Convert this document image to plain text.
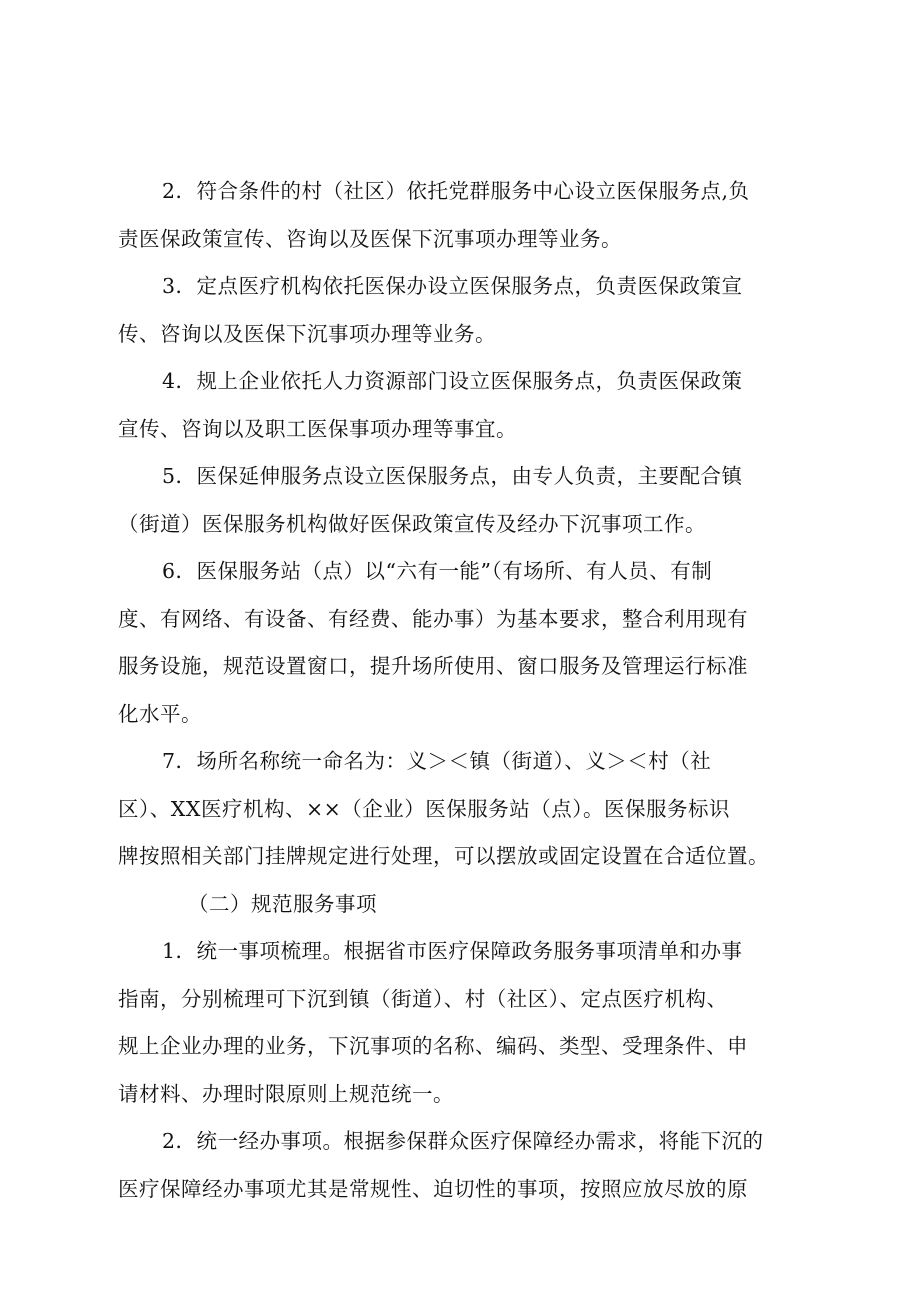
2．符合条件的村（社区）依托党群服务中心设立医保服务点,负
责医保政策宣传、咨询以及医保下沉事项办理等业务。
3．定点医疗机构依托医保办设立医保服务点，负责医保政策宣
传、咨询以及医保下沉事项办理等业务。
4．规上企业依托人力资源部门设立医保服务点，负责医保政策
宣传、咨询以及职工医保事项办理等事宜。
5．医保延伸服务点设立医保服务点，由专人负责，主要配合镇
（街道）医保服务机构做好医保政策宣传及经办下沉事项工作。
6．医保服务站（点）以“六有一能”（有场所、有人员、有制
度、有网络、有设备、有经费、能办事）为基本要求，整合利用现有
服务设施，规范设置窗口，提升场所使用、窗口服务及管理运行标准
化水平。
7．场所名称统一命名为：义＞＜镇（街道）、义＞＜村（社
区）、XX医疗机构、××（企业）医保服务站（点）。医保服务标识
牌按照相关部门挂牌规定进行处理，可以摆放或固定设置在合适位置。
（二）规范服务事项
1．统一事项梳理。根据省市医疗保障政务服务事项清单和办事
指南，分别梳理可下沉到镇（街道）、村（社区）、定点医疗机构、
规上企业办理的业务，下沉事项的名称、编码、类型、受理条件、申
请材料、办理时限原则上规范统一。
2．统一经办事项。根据参保群众医疗保障经办需求，将能下沉的
医疗保障经办事项尤其是常规性、迫切性的事项，按照应放尽放的原
